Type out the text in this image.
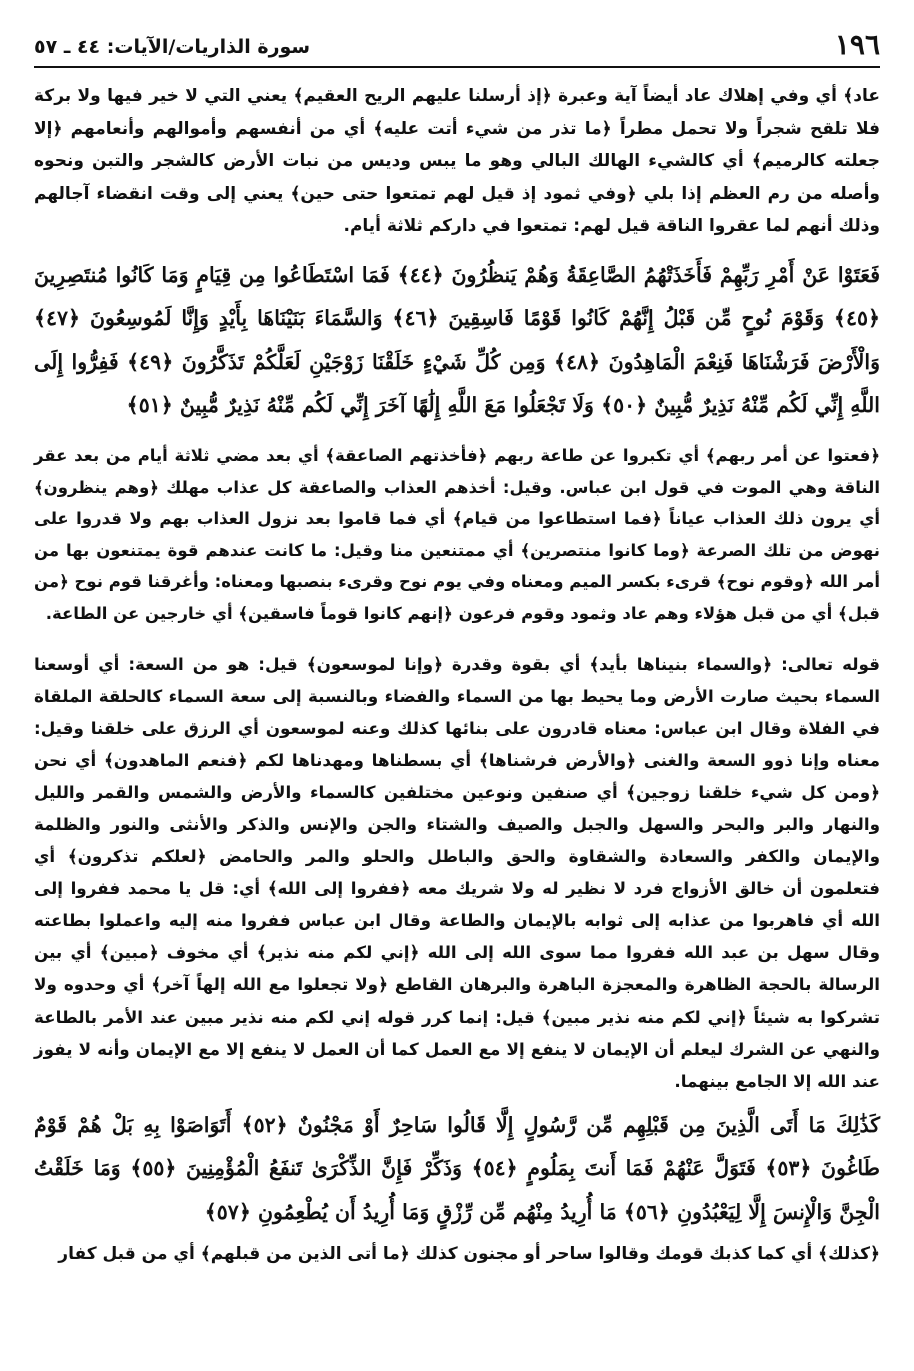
١٩٦
سورة الذاريات/الآيات: ٤٤ ـ ٥٧

عاد﴾ أي وفي إهلاك عاد أيضاً آية وعبرة ﴿إذ أرسلنا عليهم الريح العقيم﴾ يعني التي لا خير فيها ولا بركة فلا تلقح شجراً ولا تحمل مطراً ﴿ما تذر من شيء أتت عليه﴾ أي من أنفسهم وأموالهم وأنعامهم ﴿إلا جعلته كالرميم﴾ أي كالشيء الهالك البالي وهو ما يبس وديس من نبات الأرض كالشجر والتبن ونحوه وأصله من رم العظم إذا بلي ﴿وفي ثمود إذ قيل لهم تمتعوا حتى حين﴾ يعني إلى وقت انقضاء آجالهم وذلك أنهم لما عقروا الناقة قيل لهم: تمتعوا في داركم ثلاثة أيام.

فَعَتَوْا عَنْ أَمْرِ رَبِّهِمْ فَأَخَذَتْهُمُ الصَّاعِقَةُ وَهُمْ يَنظُرُونَ ﴿٤٤﴾ فَمَا اسْتَطَاعُوا مِن قِيَامٍ وَمَا كَانُوا مُنتَصِرِينَ ﴿٤٥﴾ وَقَوْمَ نُوحٍ مِّن قَبْلُ إِنَّهُمْ كَانُوا قَوْمًا فَاسِقِينَ ﴿٤٦﴾ وَالسَّمَاءَ بَنَيْنَاهَا بِأَيْدٍ وَإِنَّا لَمُوسِعُونَ ﴿٤٧﴾ وَالْأَرْضَ فَرَشْنَاهَا فَنِعْمَ الْمَاهِدُونَ ﴿٤٨﴾ وَمِن كُلِّ شَيْءٍ خَلَقْنَا زَوْجَيْنِ لَعَلَّكُمْ تَذَكَّرُونَ ﴿٤٩﴾ فَفِرُّوا إِلَى اللَّهِ إِنِّي لَكُم مِّنْهُ نَذِيرٌ مُّبِينٌ ﴿٥٠﴾ وَلَا تَجْعَلُوا مَعَ اللَّهِ إِلَٰهًا آخَرَ إِنِّي لَكُم مِّنْهُ نَذِيرٌ مُّبِينٌ ﴿٥١﴾

﴿فعتوا عن أمر ربهم﴾ أي تكبروا عن طاعة ربهم ﴿فأخذتهم الصاعقة﴾ أي بعد مضي ثلاثة أيام من بعد عقر الناقة وهي الموت في قول ابن عباس. وقيل: أخذهم العذاب والصاعقة كل عذاب مهلك ﴿وهم ينظرون﴾ أي يرون ذلك العذاب عياناً ﴿فما استطاعوا من قيام﴾ أي فما قاموا بعد نزول العذاب بهم ولا قدروا على نهوض من تلك الصرعة ﴿وما كانوا منتصرين﴾ أي ممتنعين منا وقيل: ما كانت عندهم قوة يمتنعون بها من أمر الله ﴿وقوم نوح﴾ قرىء بكسر الميم ومعناه وفي يوم نوح وقرىء بنصبها ومعناه: وأغرقنا قوم نوح ﴿من قبل﴾ أي من قبل هؤلاء وهم عاد وثمود وقوم فرعون ﴿إنهم كانوا قوماً فاسقين﴾ أي خارجين عن الطاعة.

قوله تعالى: ﴿والسماء بنيناها بأيد﴾ أي بقوة وقدرة ﴿وإنا لموسعون﴾ قيل: هو من السعة: أي أوسعنا السماء بحيث صارت الأرض وما يحيط بها من السماء والفضاء وبالنسبة إلى سعة السماء كالحلقة الملقاة في الفلاة وقال ابن عباس: معناه قادرون على بنائها كذلك وعنه لموسعون أي الرزق على خلقنا وقيل: معناه وإنا ذوو السعة والغنى ﴿والأرض فرشناها﴾ أي بسطناها ومهدناها لكم ﴿فنعم الماهدون﴾ أي نحن ﴿ومن كل شيء خلقنا زوجين﴾ أي صنفين ونوعين مختلفين كالسماء والأرض والشمس والقمر والليل والنهار والبر والبحر والسهل والجبل والصيف والشتاء والجن والإنس والذكر والأنثى والنور والظلمة والإيمان والكفر والسعادة والشقاوة والحق والباطل والحلو والمر والحامض ﴿لعلكم تذكرون﴾ أي فتعلمون أن خالق الأزواج فرد لا نظير له ولا شريك معه ﴿ففروا إلى الله﴾ أي: قل يا محمد ففروا إلى الله أي فاهربوا من عذابه إلى ثوابه بالإيمان والطاعة وقال ابن عباس ففروا منه إليه واعملوا بطاعته وقال سهل بن عبد الله ففروا مما سوى الله إلى الله ﴿إني لكم منه نذير﴾ أي مخوف ﴿مبين﴾ أي بين الرسالة بالحجة الظاهرة والمعجزة الباهرة والبرهان القاطع ﴿ولا تجعلوا مع الله إلهاً آخر﴾ أي وحدوه ولا تشركوا به شيئاً ﴿إني لكم منه نذير مبين﴾ قيل: إنما كرر قوله إني لكم منه نذير مبين عند الأمر بالطاعة والنهي عن الشرك ليعلم أن الإيمان لا ينفع إلا مع العمل كما أن العمل لا ينفع إلا مع الإيمان وأنه لا يفوز عند الله إلا الجامع بينهما.

كَذَٰلِكَ مَا أَتَى الَّذِينَ مِن قَبْلِهِم مِّن رَّسُولٍ إِلَّا قَالُوا سَاحِرٌ أَوْ مَجْنُونٌ ﴿٥٢﴾ أَتَوَاصَوْا بِهِ بَلْ هُمْ قَوْمٌ طَاغُونَ ﴿٥٣﴾ فَتَوَلَّ عَنْهُمْ فَمَا أَنتَ بِمَلُومٍ ﴿٥٤﴾ وَذَكِّرْ فَإِنَّ الذِّكْرَىٰ تَنفَعُ الْمُؤْمِنِينَ ﴿٥٥﴾ وَمَا خَلَقْتُ الْجِنَّ وَالْإِنسَ إِلَّا لِيَعْبُدُونِ ﴿٥٦﴾ مَا أُرِيدُ مِنْهُم مِّن رِّزْقٍ وَمَا أُرِيدُ أَن يُطْعِمُونِ ﴿٥٧﴾

﴿كذلك﴾ أي كما كذبك قومك وقالوا ساحر أو مجنون كذلك ﴿ما أتى الذين من قبلهم﴾ أي من قبل كفار
